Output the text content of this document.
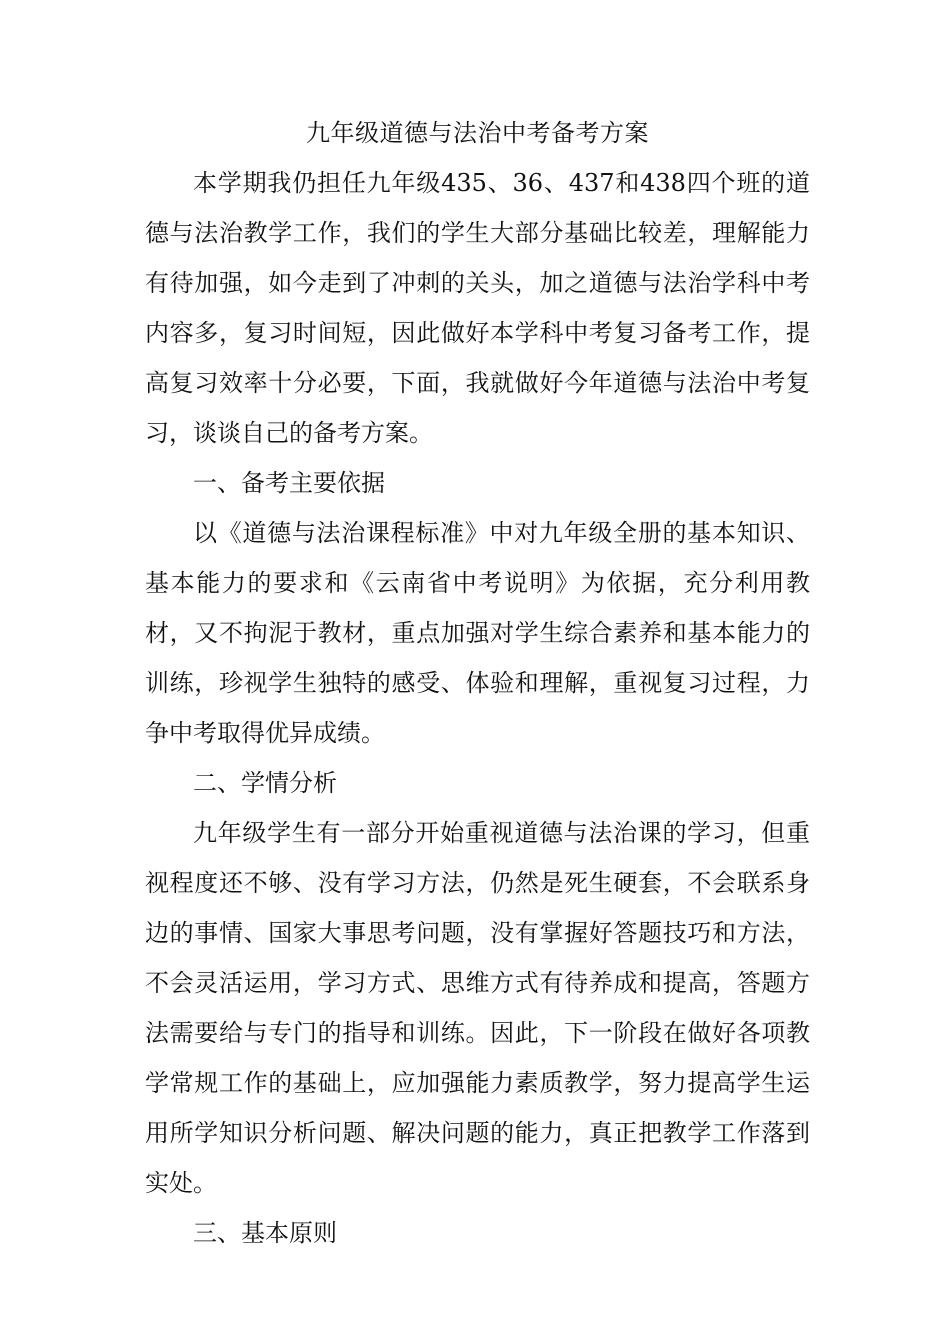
九年级道德与法治中考备考方案

本学期我仍担任九年级435、36、437和438四个班的道德与法治教学工作，我们的学生大部分基础比较差，理解能力有待加强，如今走到了冲刺的关头，加之道德与法治学科中考内容多，复习时间短，因此做好本学科中考复习备考工作，提高复习效率十分必要，下面，我就做好今年道德与法治中考复习，谈谈自己的备考方案。

一、备考主要依据

以《道德与法治课程标准》中对九年级全册的基本知识、基本能力的要求和《云南省中考说明》为依据，充分利用教材，又不拘泥于教材，重点加强对学生综合素养和基本能力的训练，珍视学生独特的感受、体验和理解，重视复习过程，力争中考取得优异成绩。

二、学情分析

九年级学生有一部分开始重视道德与法治课的学习，但重视程度还不够、没有学习方法，仍然是死生硬套，不会联系身边的事情、国家大事思考问题，没有掌握好答题技巧和方法，不会灵活运用，学习方式、思维方式有待养成和提高，答题方法需要给与专门的指导和训练。因此，下一阶段在做好各项教学常规工作的基础上，应加强能力素质教学，努力提高学生运用所学知识分析问题、解决问题的能力，真正把教学工作落到实处。

三、基本原则
